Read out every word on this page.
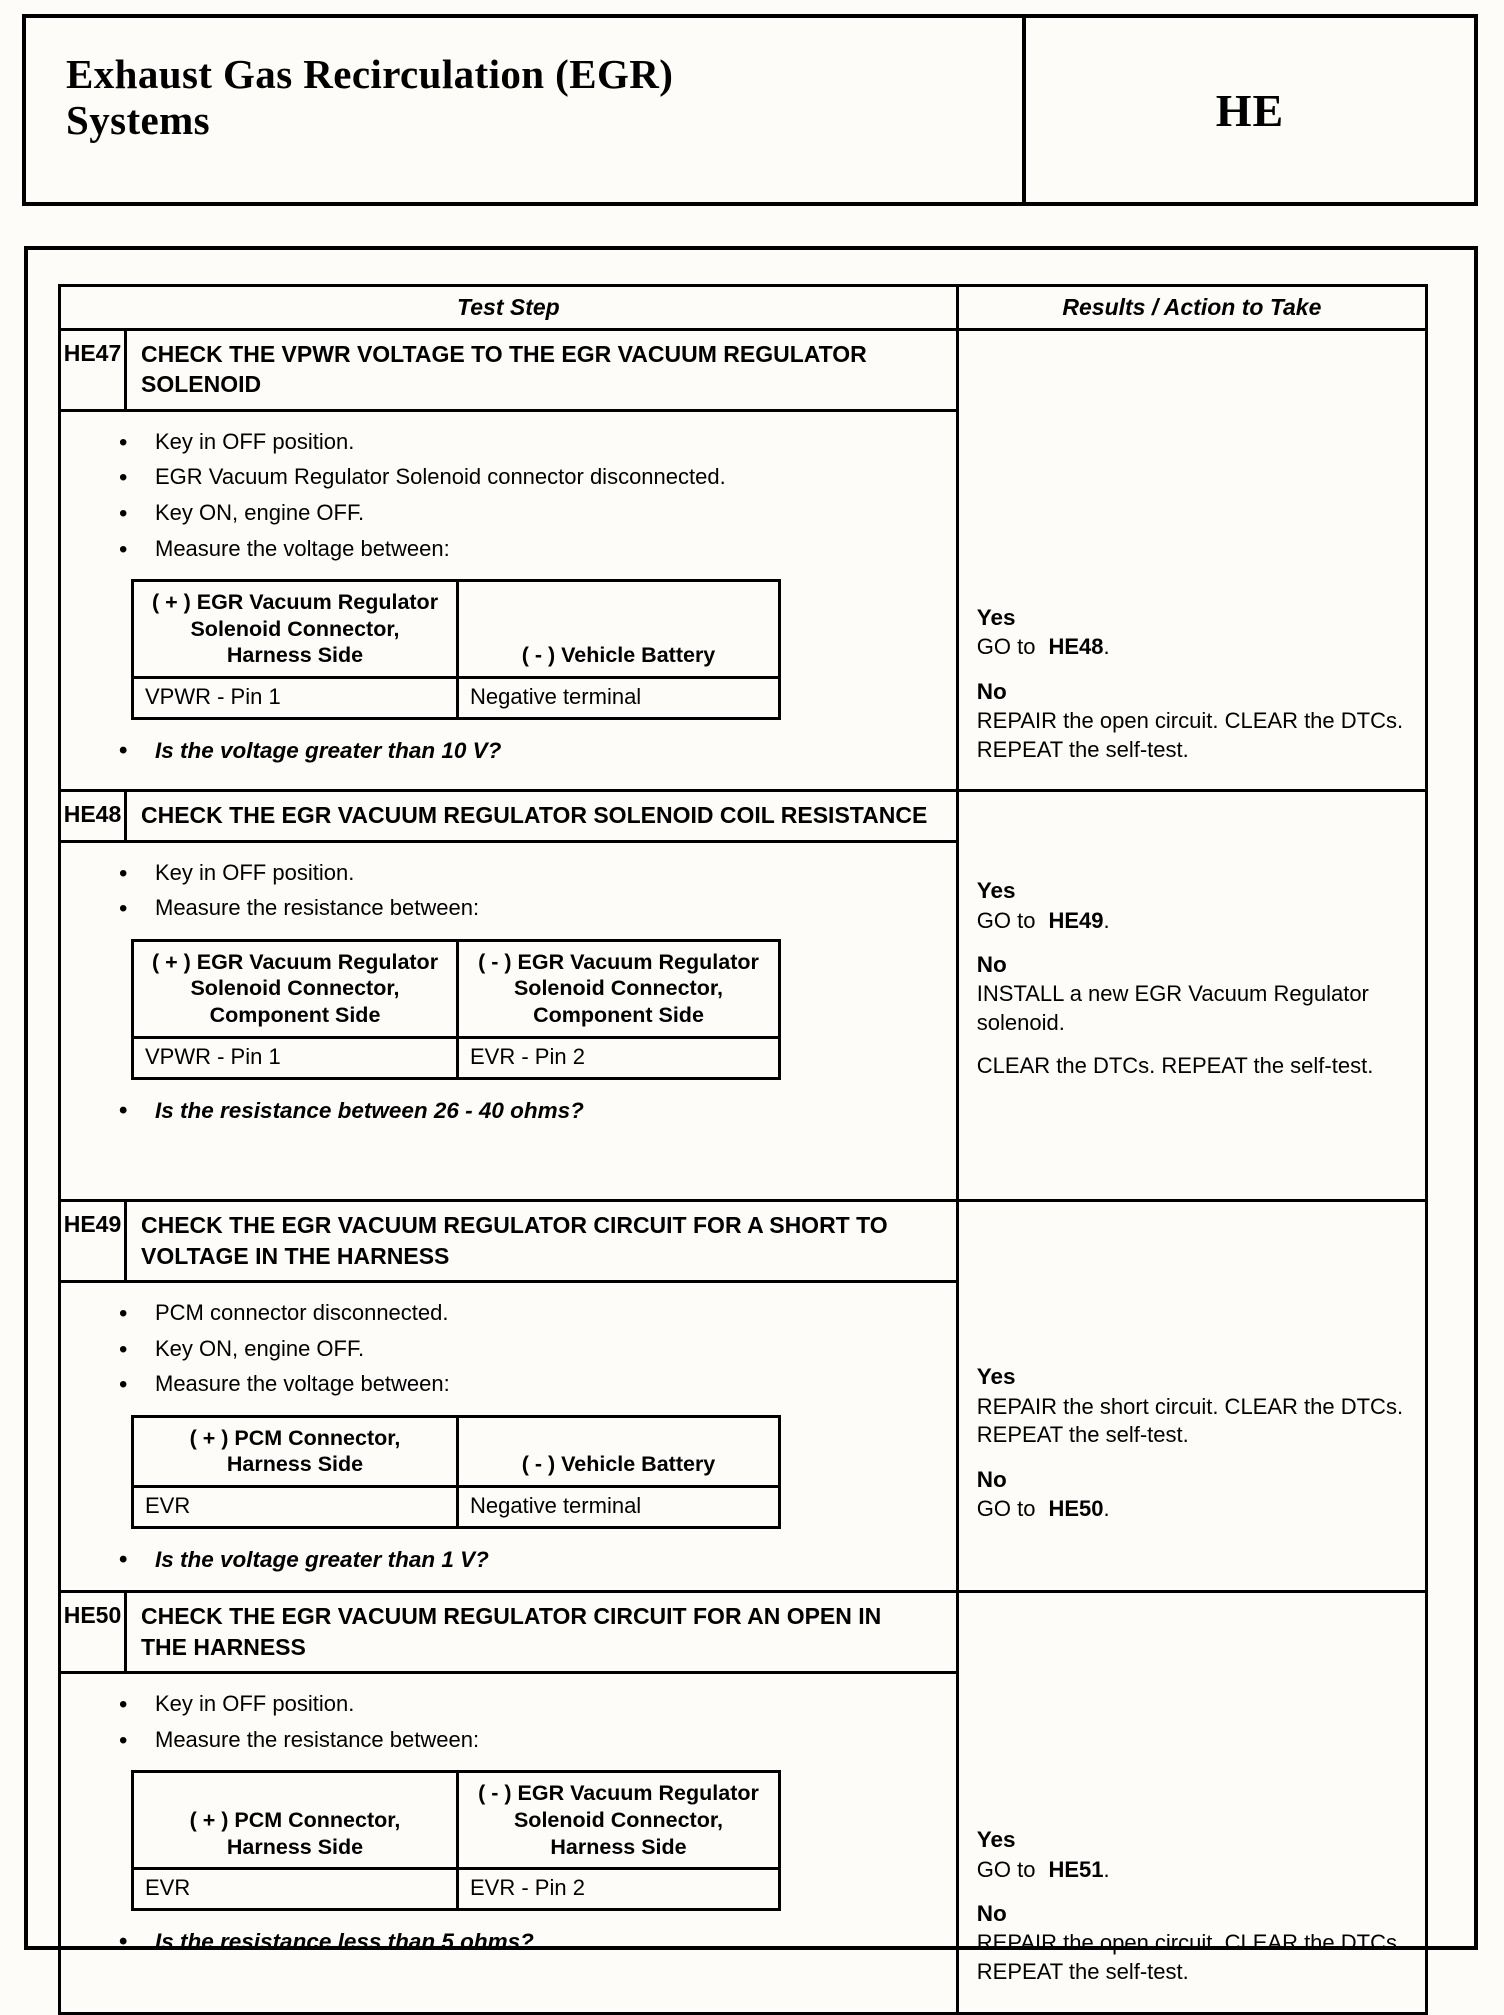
Exhaust Gas Recirculation (EGR) Systems	HE
Test Step	Results / Action to Take
HE47 CHECK THE VPWR VOLTAGE TO THE EGR VACUUM REGULATOR SOLENOID
• Key in OFF position.
• EGR Vacuum Regulator Solenoid connector disconnected.
• Key ON, engine OFF.
• Measure the voltage between:
( + ) EGR Vacuum Regulator Solenoid Connector, Harness Side	( - ) Vehicle Battery
VPWR - Pin 1	Negative terminal
• Is the voltage greater than 10 V?
Yes
GO to HE48.
No
REPAIR the open circuit. CLEAR the DTCs. REPEAT the self-test.
HE48 CHECK THE EGR VACUUM REGULATOR SOLENOID COIL RESISTANCE
• Key in OFF position.
• Measure the resistance between:
( + ) EGR Vacuum Regulator Solenoid Connector, Component Side	( - ) EGR Vacuum Regulator Solenoid Connector, Component Side
VPWR - Pin 1	EVR - Pin 2
• Is the resistance between 26 - 40 ohms?
Yes
GO to HE49.
No
INSTALL a new EGR Vacuum Regulator solenoid.
CLEAR the DTCs. REPEAT the self-test.
HE49 CHECK THE EGR VACUUM REGULATOR CIRCUIT FOR A SHORT TO VOLTAGE IN THE HARNESS
• PCM connector disconnected.
• Key ON, engine OFF.
• Measure the voltage between:
( + ) PCM Connector, Harness Side	( - ) Vehicle Battery
EVR	Negative terminal
• Is the voltage greater than 1 V?
Yes
REPAIR the short circuit. CLEAR the DTCs. REPEAT the self-test.
No
GO to HE50.
HE50 CHECK THE EGR VACUUM REGULATOR CIRCUIT FOR AN OPEN IN THE HARNESS
• Key in OFF position.
• Measure the resistance between:
( + ) PCM Connector, Harness Side	( - ) EGR Vacuum Regulator Solenoid Connector, Harness Side
EVR	EVR - Pin 2
• Is the resistance less than 5 ohms?
Yes
GO to HE51.
No
REPAIR the open circuit. CLEAR the DTCs. REPEAT the self-test.
